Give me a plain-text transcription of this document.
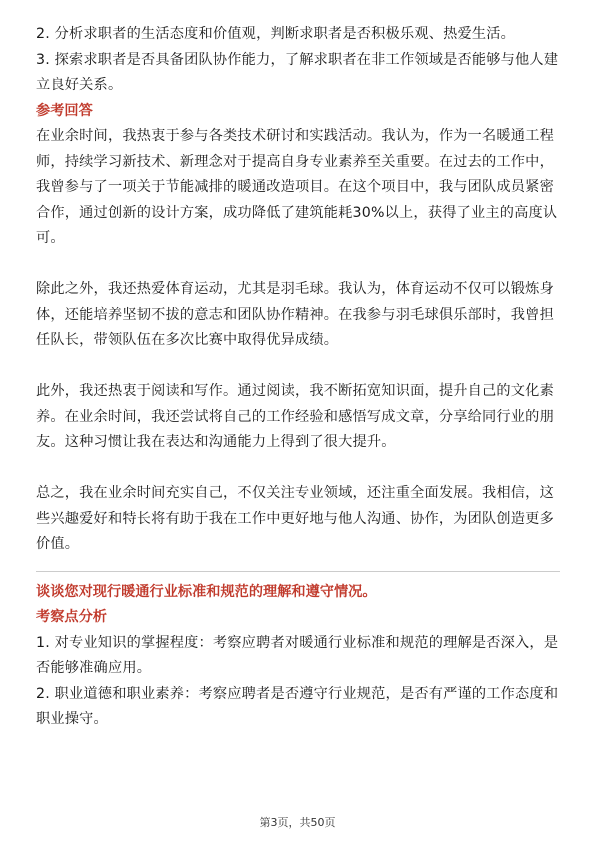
2. 分析求职者的生活态度和价值观，判断求职者是否积极乐观、热爱生活。

3. 探索求职者是否具备团队协作能力，了解求职者在非工作领域是否能够与他人建立良好关系。

参考回答

在业余时间，我热衷于参与各类技术研讨和实践活动。我认为，作为一名暖通工程师，持续学习新技术、新理念对于提高自身专业素养至关重要。在过去的工作中，我曾参与了一项关于节能减排的暖通改造项目。在这个项目中，我与团队成员紧密合作，通过创新的设计方案，成功降低了建筑能耗30%以上，获得了业主的高度认可。

除此之外，我还热爱体育运动，尤其是羽毛球。我认为，体育运动不仅可以锻炼身体，还能培养坚韧不拔的意志和团队协作精神。在我参与羽毛球俱乐部时，我曾担任队长，带领队伍在多次比赛中取得优异成绩。

此外，我还热衷于阅读和写作。通过阅读，我不断拓宽知识面，提升自己的文化素养。在业余时间，我还尝试将自己的工作经验和感悟写成文章，分享给同行业的朋友。这种习惯让我在表达和沟通能力上得到了很大提升。

总之，我在业余时间充实自己，不仅关注专业领域，还注重全面发展。我相信，这些兴趣爱好和特长将有助于我在工作中更好地与他人沟通、协作，为团队创造更多价值。

谈谈您对现行暖通行业标准和规范的理解和遵守情况。

考察点分析

1. 对专业知识的掌握程度：考察应聘者对暖通行业标准和规范的理解是否深入，是否能够准确应用。

2. 职业道德和职业素养：考察应聘者是否遵守行业规范，是否有严谨的工作态度和职业操守。

第3页，共50页
